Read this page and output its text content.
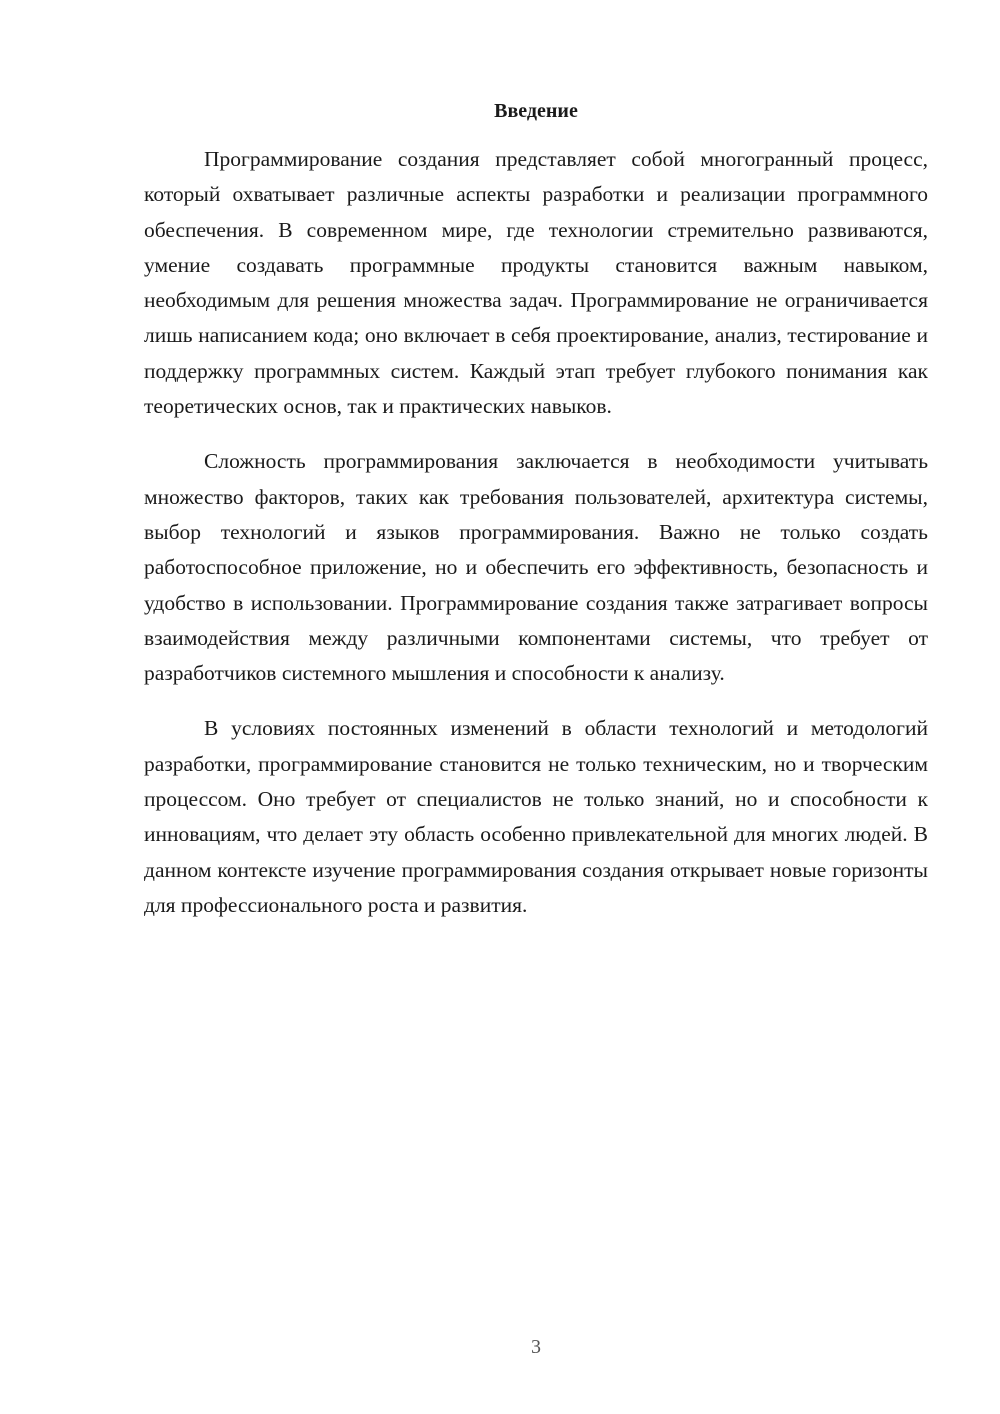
Введение

Программирование создания представляет собой многогранный процесс, который охватывает различные аспекты разработки и реализации программного обеспечения. В современном мире, где технологии стремительно развиваются, умение создавать программные продукты становится важным навыком, необходимым для решения множества задач. Программирование не ограничивается лишь написанием кода; оно включает в себя проектирование, анализ, тестирование и поддержку программных систем. Каждый этап требует глубокого понимания как теоретических основ, так и практических навыков.

Сложность программирования заключается в необходимости учитывать множество факторов, таких как требования пользователей, архитектура системы, выбор технологий и языков программирования. Важно не только создать работоспособное приложение, но и обеспечить его эффективность, безопасность и удобство в использовании. Программирование создания также затрагивает вопросы взаимодействия между различными компонентами системы, что требует от разработчиков системного мышления и способности к анализу.

В условиях постоянных изменений в области технологий и методологий разработки, программирование становится не только техническим, но и творческим процессом. Оно требует от специалистов не только знаний, но и способности к инновациям, что делает эту область особенно привлекательной для многих людей. В данном контексте изучение программирования создания открывает новые горизонты для профессионального роста и развития.

3
